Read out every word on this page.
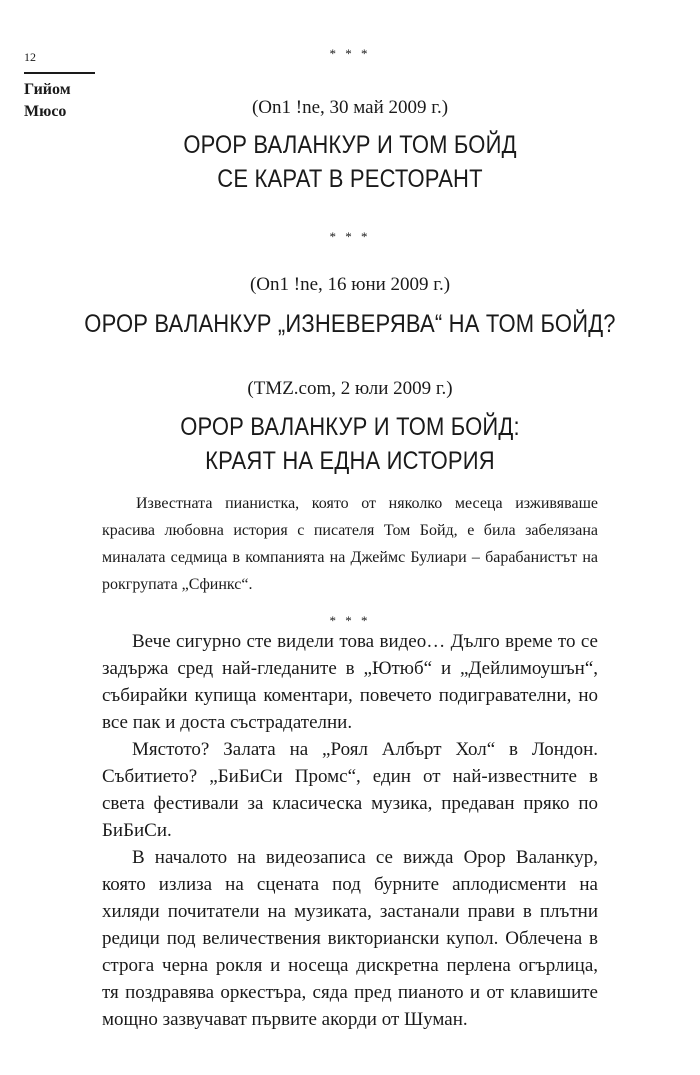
12
Гийом
Мюсо
* * *
(On1 !ne, 30 май 2009 г.)
ОРОР ВАЛАНКУР И ТОМ БОЙД
СЕ КАРАТ В РЕСТОРАНТ
* * *
(On1 !ne, 16 юни 2009 г.)
ОРОР ВАЛАНКУР „ИЗНЕВЕРЯВА“ НА ТОМ БОЙД?
(TMZ.com, 2 юли 2009 г.)
ОРОР ВАЛАНКУР И ТОМ БОЙД:
КРАЯТ НА ЕДНА ИСТОРИЯ
Известната пианистка, която от няколко месеца изживяваше красива любовна история с писателя Том Бойд, е била забелязана миналата седмица в компанията на Джеймс Булиари – барабанистът на рокгрупата „Сфинкс“.
* * *

Вече сигурно сте видели това видео… Дълго време то се задържа сред най-гледаните в „Ютюб“ и „Дейлимоушън“, събирайки купища коментари, повечето подигравателни, но все пак и доста състрадателни.

Мястото? Залата на „Роял Албърт Хол“ в Лондон. Събитието? „БиБиСи Промс“, един от най-известните в света фестивали за класическа музика, предаван пряко по БиБиСи.

В началото на видеозаписа се вижда Орор Валанкур, която излиза на сцената под бурните аплодисменти на хиляди почитатели на музиката, застанали прави в плътни редици под величествения викториански купол. Облечена в строга черна рокля и носеща дискретна перлена огърлица, тя поздравява оркестъра, сяда пред пианото и от клавишите мощно зазвучават първите акорди от Шуман.
